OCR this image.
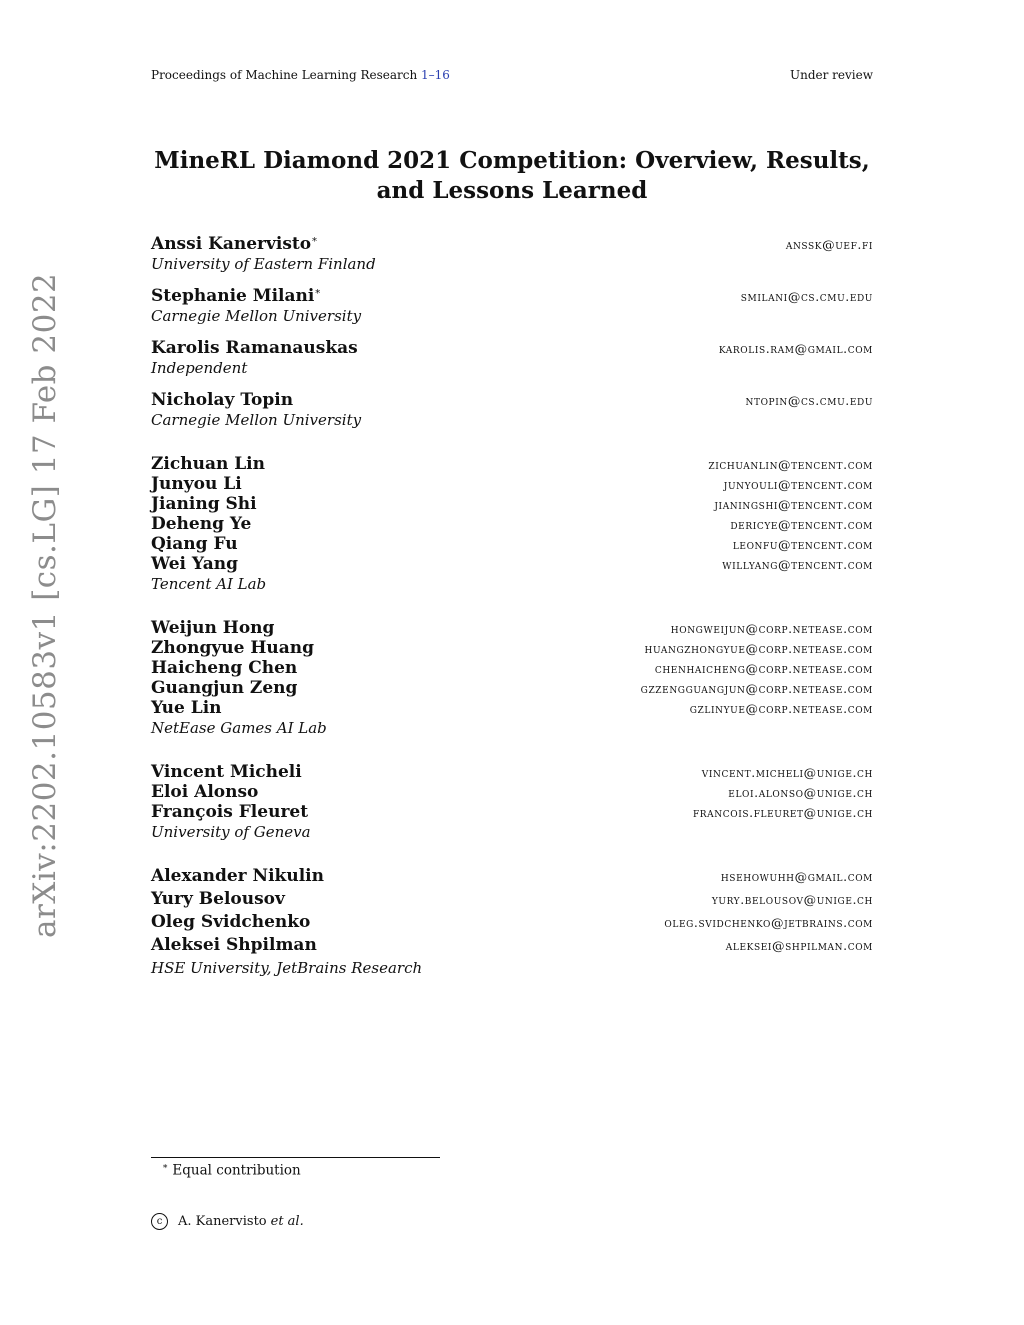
Proceedings of Machine Learning Research 1–16	Under review
arXiv:2202.10583v1 [cs.LG] 17 Feb 2022
MineRL Diamond 2021 Competition: Overview, Results,
and Lessons Learned
Anssi Kanervisto∗	anssk@uef.fi
University of Eastern Finland
Stephanie Milani∗	smilani@cs.cmu.edu
Carnegie Mellon University
Karolis Ramanauskas	karolis.ram@gmail.com
Independent
Nicholay Topin	ntopin@cs.cmu.edu
Carnegie Mellon University
Zichuan Lin	zichuanlin@tencent.com
Junyou Li	junyouli@tencent.com
Jianing Shi	jianingshi@tencent.com
Deheng Ye	dericye@tencent.com
Qiang Fu	leonfu@tencent.com
Wei Yang	willyang@tencent.com
Tencent AI Lab
Weijun Hong	hongweijun@corp.netease.com
Zhongyue Huang	huangzhongyue@corp.netease.com
Haicheng Chen	chenhaicheng@corp.netease.com
Guangjun Zeng	gzzengguangjun@corp.netease.com
Yue Lin	gzlinyue@corp.netease.com
NetEase Games AI Lab
Vincent Micheli	vincent.micheli@unige.ch
Eloi Alonso	eloi.alonso@unige.ch
François Fleuret	francois.fleuret@unige.ch
University of Geneva
Alexander Nikulin	hsehowuhh@gmail.com
Yury Belousov	yury.belousov@unige.ch
Oleg Svidchenko	oleg.svidchenko@jetbrains.com
Aleksei Shpilman	aleksei@shpilman.com
HSE University, JetBrains Research
∗ Equal contribution
c	A. Kanervisto et al.
